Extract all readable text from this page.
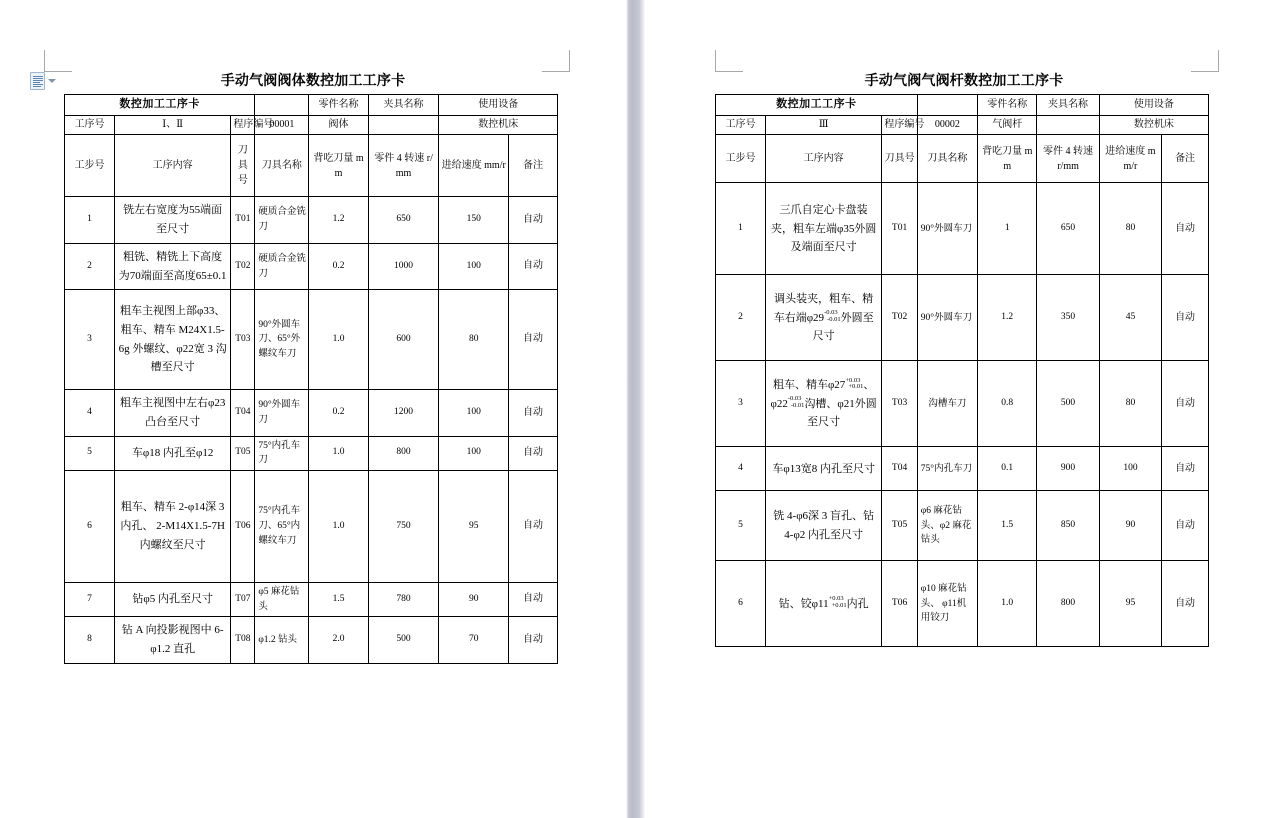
手动气阀阀体数控加工工序卡
数控加工工序卡				零件名称	夹具名称	使用设备	
工序号	Ⅰ、Ⅱ	程序编号	00001	阀体		数控机床	
工步号	工序内容	刀具号	刀具名称	背吃刀量 mm	零件 4 转速 r/mm	进给速度 mm/r	备注
1	铣左右宽度为55端面至尺寸	T01	硬质合金铣刀	1.2	650	150	自动
2	粗铣、精铣上下高度为70端面至高度65±0.1	T02	硬质合金铣刀	0.2	1000	100	自动
3	粗车主视图上部φ33、粗车、精车 M24X1.5-6g 外螺纹、φ22宽 3 沟槽至尺寸	T03	90°外圆车刀、65°外螺纹车刀	1.0	600	80	自动
4	粗车主视图中左右φ23凸台至尺寸	T04	90°外圆车刀	0.2	1200	100	自动
5	车φ18 内孔至φ12	T05	75°内孔车刀	1.0	800	100	自动
6	粗车、精车 2-φ14深 3 内孔、 2-M14X1.5-7H内螺纹至尺寸	T06	75°内孔车刀、65°内螺纹车刀	1.0	750	95	自动
7	钻φ5 内孔至尺寸	T07	φ5 麻花钻头	1.5	780	90	自动
8	钻 A 向投影视图中 6-φ1.2 直孔	T08	φ1.2 钻头	2.0	500	70	自动
手动气阀气阀杆数控加工工序卡
数控加工工序卡				零件名称	夹具名称	使用设备	
工序号	Ⅲ	程序编号	00002	气阀杆		数控机床	
工步号	工序内容	刀具号	刀具名称	背吃刀量 mm	零件 4 转速 r/mm	进给速度 mm/r	备注
1	三爪自定心卡盘装夹，粗车左端φ35外圆及端面至尺寸	T01	90°外圆车刀	1	650	80	自动
2	调头装夹，粗车、精车右端φ29 -0.03
-0.01 外圆至尺寸	T02	90°外圆车刀	1.2	350	45	自动
3	粗车、精车φ27 +0.03
+0.01 、φ22 -0.03
-0.01 沟槽、φ21外圆至尺寸	T03	沟槽车刀	0.8	500	80	自动
4	车φ13宽8 内孔至尺寸	T04	75°内孔车刀	0.1	900	100	自动
5	铣 4-φ6深 3 盲孔、钻 4-φ2 内孔至尺寸	T05	φ6 麻花钻头、φ2 麻花钻头	1.5	850	90	自动
6	钻、铰φ11 +0.03
+0.01 内孔	T06	φ10 麻花钻头、 φ11机用铰刀	1.0	800	95	自动
